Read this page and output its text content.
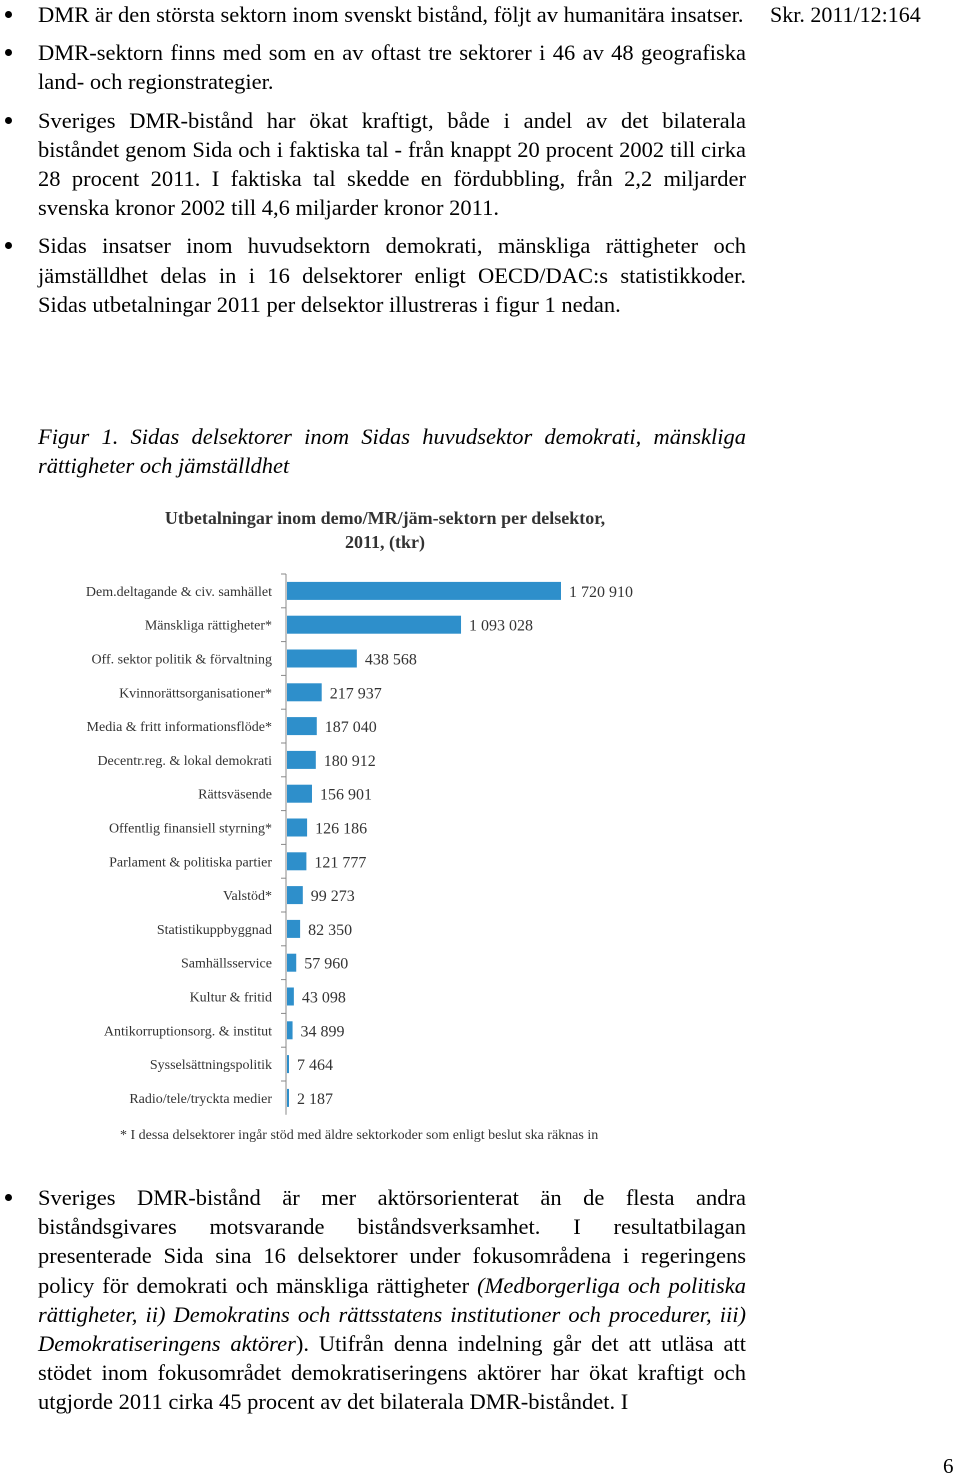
Skr. 2011/12:164
DMR är den största sektorn inom svenskt bistånd, följt av humanitära insatser.
DMR-sektorn finns med som en av oftast tre sektorer i 46 av 48 geografiska land- och regionstrategier.
Sveriges DMR-bistånd har ökat kraftigt, både i andel av det bilaterala biståndet genom Sida och i faktiska tal - från knappt 20 procent 2002 till cirka 28 procent 2011. I faktiska tal skedde en fördubbling, från 2,2 miljarder svenska kronor 2002 till 4,6 miljarder kronor 2011.
Sidas insatser inom huvudsektorn demokrati, mänskliga rättigheter och jämställdhet delas in i 16 delsektorer enligt OECD/DAC:s statistikkoder. Sidas utbetalningar 2011 per delsektor illustreras i figur 1 nedan.
Figur 1. Sidas delsektorer inom Sidas huvudsektor demokrati, mänskliga rättigheter och jämställdhet
Utbetalningar inom demo/MR/jäm-sektorn per delsektor,
2011, (tkr)
Dem.deltagande & civ. samhället	1 720 910
Mänskliga rättigheter*	1 093 028
Off. sektor politik & förvaltning	438 568
Kvinnorättsorganisationer*	217 937
Media & fritt informationsflöde*	187 040
Decentr.reg. & lokal demokrati	180 912
Rättsväsende	156 901
Offentlig finansiell styrning*	126 186
Parlament & politiska partier	121 777
Valstöd* 99 273
Statistikuppbyggnad 82 350
Samhällsservice 57 960
Kultur & fritid 43 098
Antikorruptionsorg. & institut 34 899
Sysselsättningspolitik 7 464
Radio/tele/tryckta medier 2 187
* I dessa delsektorer ingår stöd med äldre sektorkoder som enligt beslut ska räknas in
Sveriges DMR-bistånd är mer aktörsorienterat än de flesta andra biståndsgivares motsvarande biståndsverksamhet. I resultatbilagan presenterade Sida sina 16 delsektorer under fokusområdena i regeringens policy för demokrati och mänskliga rättigheter (Medborgerliga och politiska rättigheter, ii) Demokratins och rättsstatens institutioner och procedurer, iii) Demokratiseringens aktörer). Utifrån denna indelning går det att utläsa att stödet inom fokusområdet demokratiseringens aktörer har ökat kraftigt och utgjorde 2011 cirka 45 procent av det bilaterala DMR-biståndet. I
6
